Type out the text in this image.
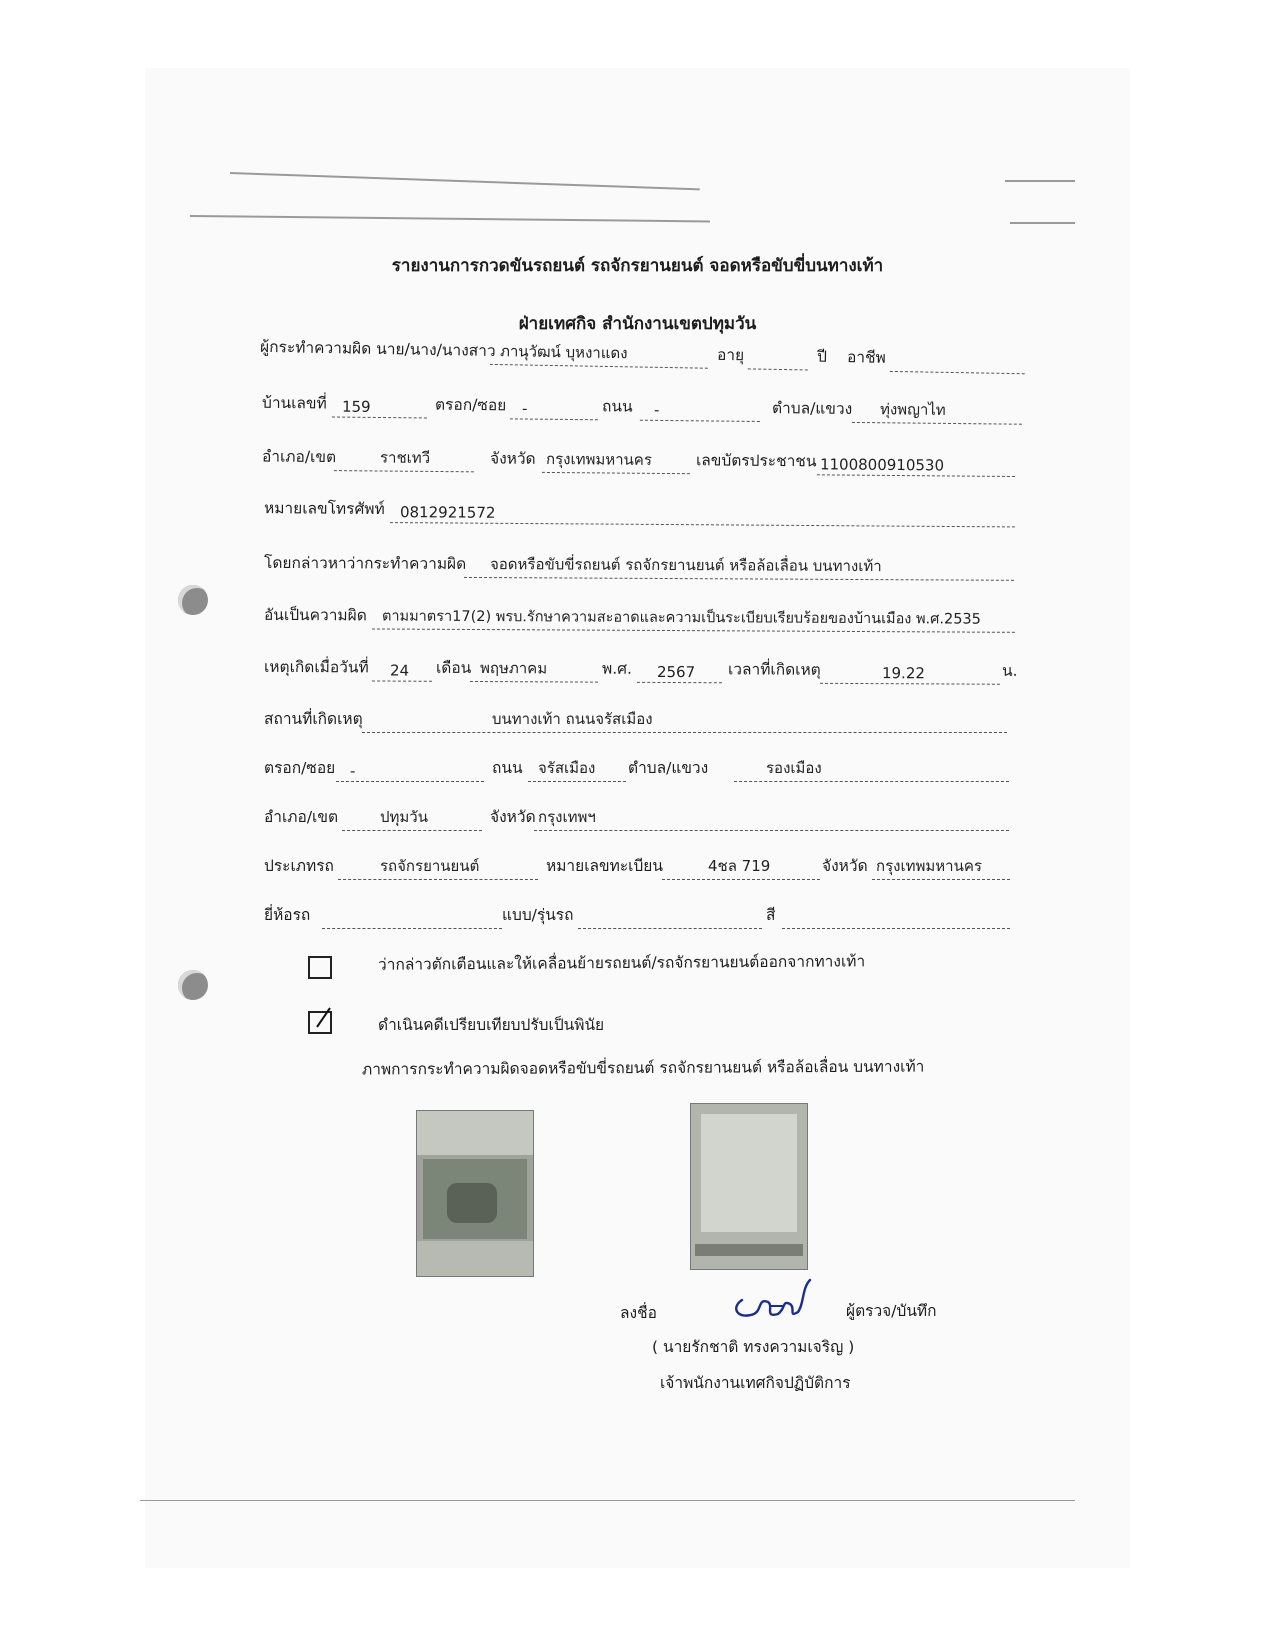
รายงานการกวดขันรถยนต์ รถจักรยานยนต์ จอดหรือขับขี่บนทางเท้า
ฝ่ายเทศกิจ สำนักงานเขตปทุมวัน
ผู้กระทำความผิด นาย/นาง/นางสาว ภานุวัฒน์ บุหงาแดง	อายุ	ปี อาชีพ
บ้านเลขที่ 159	ตรอก/ซอย -	ถนน -	ตำบล/แขวง ทุ่งพญาไท
อำเภอ/เขต	ราชเทวี	จังหวัด กรุงเทพมหานคร	เลขบัตรประชาชน 1100800910530
หมายเลขโทรศัพท์ 0812921572
โดยกล่าวหาว่ากระทำความผิด จอดหรือขับขี่รถยนต์ รถจักรยานยนต์ หรือล้อเลื่อน บนทางเท้า
อันเป็นความผิด ตามมาตรา17(2) พรบ.รักษาความสะอาดและความเป็นระเบียบเรียบร้อยของบ้านเมือง พ.ศ.2535
เหตุเกิดเมื่อวันที่ 24 เดือน พฤษภาคม	พ.ศ. 2567 เวลาที่เกิดเหตุ	19.22	น.
สถานที่เกิดเหตุ	บนทางเท้า ถนนจรัสเมือง
ตรอก/ซอย -	ถนน จรัสเมือง ตำบล/แขวง	รองเมือง
อำเภอ/เขต	ปทุมวัน	จังหวัด กรุงเทพฯ
ประเภทรถ	รถจักรยานยนต์	หมายเลขทะเบียน	4ชล 719	จังหวัด กรุงเทพมหานคร
ยี่ห้อรถ	แบบ/รุ่นรถ	สี
ว่ากล่าวตักเตือนและให้เคลื่อนย้ายรถยนต์/รถจักรยานยนต์ออกจากทางเท้า
ดำเนินคดีเปรียบเทียบปรับเป็นพินัย
ภาพการกระทำความผิดจอดหรือขับขี่รถยนต์ รถจักรยานยนต์ หรือล้อเลื่อน บนทางเท้า
ลงชื่อ	ผู้ตรวจ/บันทึก
( นายรักชาติ ทรงความเจริญ )
เจ้าพนักงานเทศกิจปฏิบัติการ
